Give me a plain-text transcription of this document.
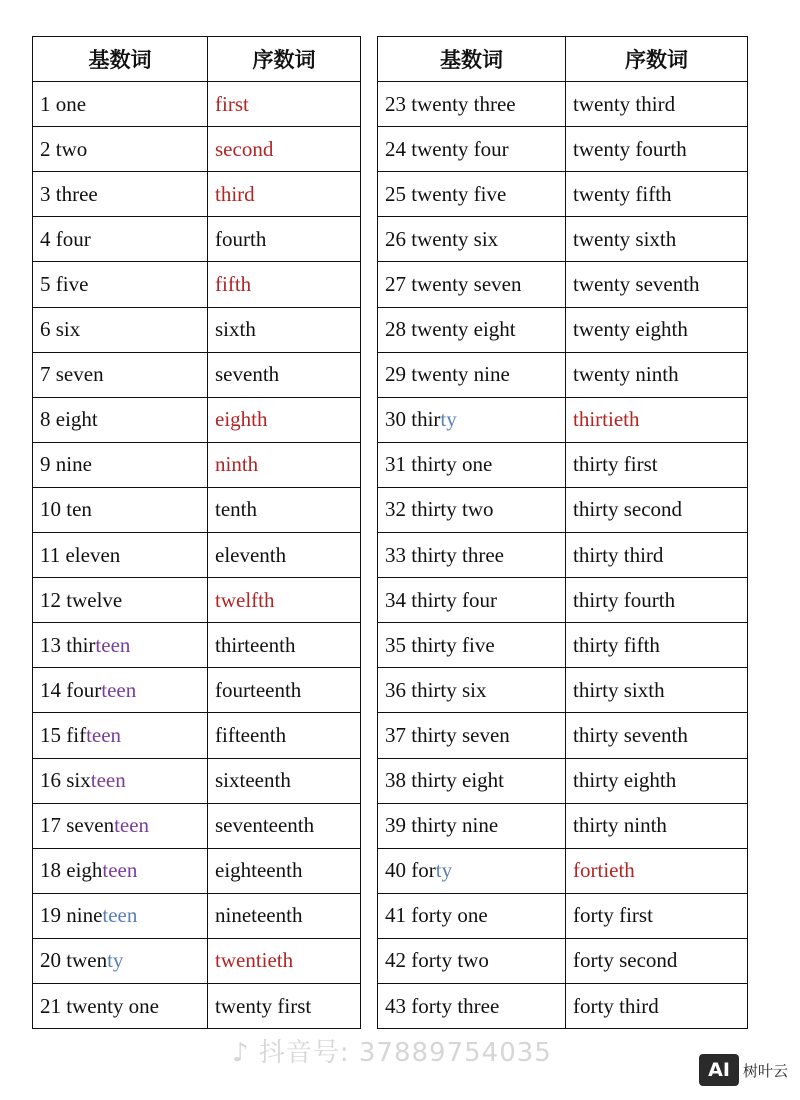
基数词	序数词
1 one	first
2 two	second
3 three	third
4 four	fourth
5 five	fifth
6 six	sixth
7 seven	seventh
8 eight	eighth
9 nine	ninth
10 ten	tenth
11 eleven	eleventh
12 twelve	twelfth
13 thirteen	thirteenth
14 fourteen	fourteenth
15 fifteen	fifteenth
16 sixteen	sixteenth
17 seventeen	seventeenth
18 eighteen	eighteenth
19 nineteen	nineteenth
20 twenty	twentieth
21 twenty one	twenty first
基数词	序数词
23 twenty three	twenty third
24 twenty four	twenty fourth
25 twenty five	twenty fifth
26 twenty six	twenty sixth
27 twenty seven	twenty seventh
28 twenty eight	twenty eighth
29 twenty nine	twenty ninth
30 thirty	thirtieth
31 thirty one	thirty first
32 thirty two	thirty second
33 thirty three	thirty third
34 thirty four	thirty fourth
35 thirty five	thirty fifth
36 thirty six	thirty sixth
37 thirty seven	thirty seventh
38 thirty eight	thirty eighth
39 thirty nine	thirty ninth
40 forty	fortieth
41 forty one	forty first
42 forty two	forty second
43 forty three	forty third
♪ 抖音号: 37889754035
AI 树叶云
